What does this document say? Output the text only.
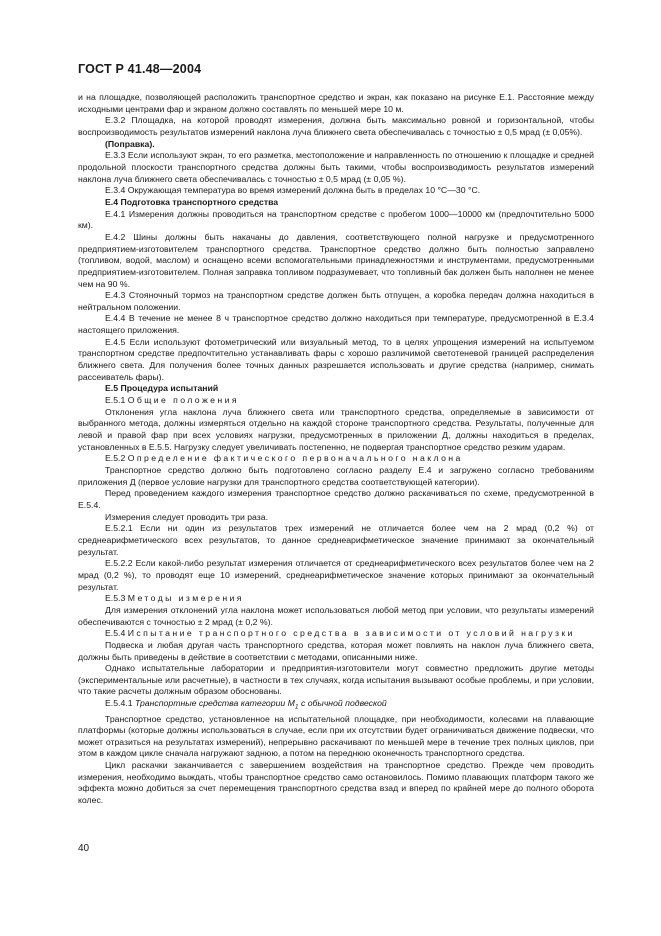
ГОСТ Р 41.48—2004

и на площадке, позволяющей расположить транспортное средство и экран, как показано на рисунке Е.1. Расстояние между исходными центрами фар и экраном должно составлять по меньшей мере 10 м.

Е.3.2 Площадка, на которой проводят измерения, должна быть максимально ровной и горизонтальной, чтобы воспроизводимость результатов измерений наклона луча ближнего света обеспечивалась с точностью ± 0,5 мрад (± 0,05%).

(Поправка).

Е.3.3 Если используют экран, то его разметка, местоположение и направленность по отношению к площадке и средней продольной плоскости транспортного средства должны быть такими, чтобы воспроизводимость результатов измерений наклона луча ближнего света обеспечивалась с точностью ± 0,5 мрад (± 0,05 %).

Е.3.4 Окружающая температура во время измерений должна быть в пределах 10 °С—30 °С.

Е.4 Подготовка транспортного средства

Е.4.1 Измерения должны проводиться на транспортном средстве с пробегом 1000—10000 км (предпочтительно 5000 км).

Е.4.2 Шины должны быть накачаны до давления, соответствующего полной нагрузке и предусмотренного предприятием-изготовителем транспортного средства. Транспортное средство должно быть полностью заправлено (топливом, водой, маслом) и оснащено всеми вспомогательными принадлежностями и инструментами, предусмотренными предприятием-изготовителем. Полная заправка топливом подразумевает, что топливный бак должен быть наполнен не менее чем на 90 %.

Е.4.3 Стояночный тормоз на транспортном средстве должен быть отпущен, а коробка передач должна находиться в нейтральном положении.

Е.4.4 В течение не менее 8 ч транспортное средство должно находиться при температуре, предусмотренной в Е.3.4 настоящего приложения.

Е.4.5 Если используют фотометрический или визуальный метод, то в целях упрощения измерений на испытуемом транспортном средстве предпочтительно устанавливать фары с хорошо различимой светотеневой границей распределения ближнего света. Для получения более точных данных разрешается использовать и другие средства (например, снимать рассеиватель фары).

Е.5 Процедура испытаний

Е.5.1 Общие положения

Отклонения угла наклона луча ближнего света или транспортного средства, определяемые в зависимости от выбранного метода, должны измеряться отдельно на каждой стороне транспортного средства. Результаты, полученные для левой и правой фар при всех условиях нагрузки, предусмотренных в приложении Д, должны находиться в пределах, установленных в Е.5.5. Нагрузку следует увеличивать постепенно, не подвергая транспортное средство резким ударам.

Е.5.2 Определение фактического первоначального наклона

Транспортное средство должно быть подготовлено согласно разделу Е.4 и загружено согласно требованиям приложения Д (первое условие нагрузки для транспортного средства соответствующей категории).

Перед проведением каждого измерения транспортное средство должно раскачиваться по схеме, предусмотренной в Е.5.4.

Измерения следует проводить три раза.

Е.5.2.1 Если ни один из результатов трех измерений не отличается более чем на 2 мрад (0,2 %) от среднеарифметического всех результатов, то данное среднеарифметическое значение принимают за окончательный результат.

Е.5.2.2 Если какой-либо результат измерения отличается от среднеарифметического всех результатов более чем на 2 мрад (0,2 %), то проводят еще 10 измерений, среднеарифметическое значение которых принимают за окончательный результат.

Е.5.3 Методы измерения

Для измерения отклонений угла наклона может использоваться любой метод при условии, что результаты измерений обеспечиваются с точностью ± 2 мрад (± 0,2 %).

Е.5.4 Испытание транспортного средства в зависимости от условий нагрузки

Подвеска и любая другая часть транспортного средства, которая может повлиять на наклон луча ближнего света, должны быть приведены в действие в соответствии с методами, описанными ниже.

Однако испытательные лаборатории и предприятия-изготовители могут совместно предложить другие методы (экспериментальные или расчетные), в частности в тех случаях, когда испытания вызывают особые проблемы, и при условии, что такие расчеты должным образом обоснованы.

Е.5.4.1 Транспортные средства категории $М_1$ с обычной подвеской

Транспортное средство, установленное на испытательной площадке, при необходимости, колесами на плавающие платформы (которые должны использоваться в случае, если при их отсутствии будет ограничиваться движение подвески, что может отразиться на результатах измерений), непрерывно раскачивают по меньшей мере в течение трех полных циклов, при этом в каждом цикле сначала нагружают заднюю, а потом на переднюю оконечность транспортного средства.

Цикл раскачки заканчивается с завершением воздействия на транспортное средство. Прежде чем проводить измерения, необходимо выждать, чтобы транспортное средство само остановилось. Помимо плавающих платформ такого же эффекта можно добиться за счет перемещения транспортного средства взад и вперед по крайней мере до полного оборота колес.

40
